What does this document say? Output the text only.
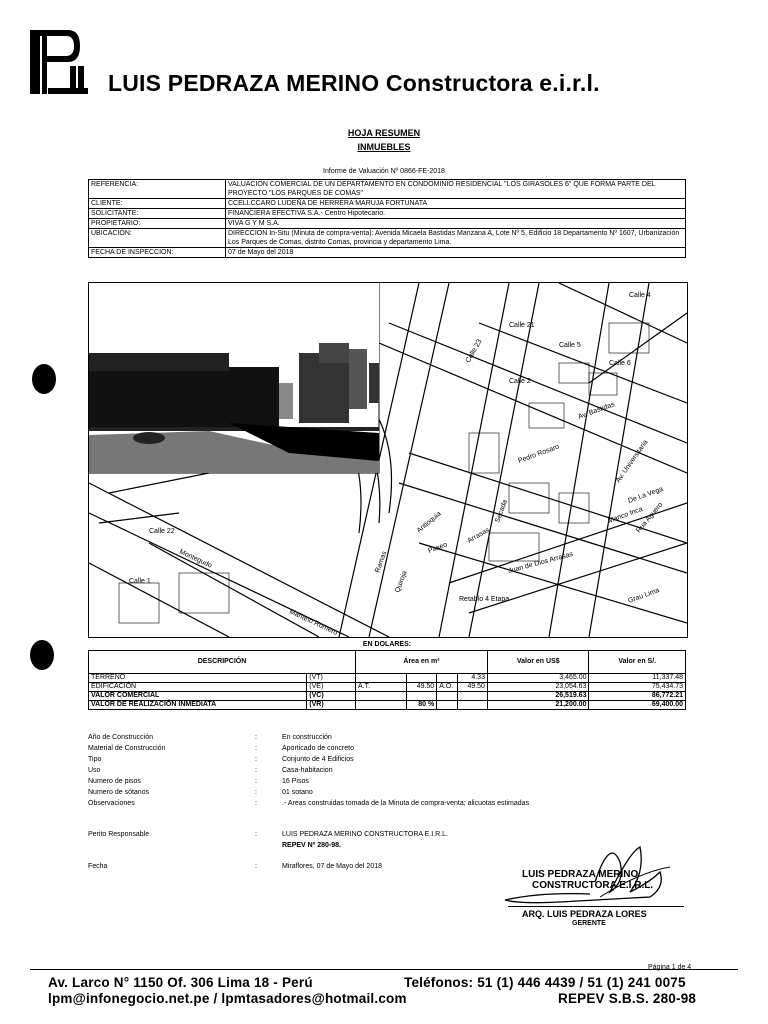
LUIS PEDRAZA MERINO Constructora e.i.r.l.
HOJA RESUMEN
INMUEBLES
Informe de Valuación Nº 0866-FE-2018
REFERENCIA:	VALUACION COMERCIAL DE UN DEPARTAMENTO EN CONDOMINIO RESIDENCIAL "LOS GIRASOLES 6" QUE FORMA PARTE DEL PROYECTO "LOS PARQUES DE COMAS"
CLIENTE:	CCELLCCARO LUDEÑA DE HERRERA MARUJA FORTUNATA
SOLICITANTE:	FINANCIERA EFECTIVA S.A.- Centro Hipotecario.
PROPIETARIO:	VIVA G Y M S.A.
UBICACIÓN:	DIRECCION In-Situ (Minuta de compra-venta): Avenida Micaela Bastidas Manzana A, Lote Nº 5, Edificio 18 Departamento Nº 1607, Urbanización Los Parques de Comas, distrito Comas, provincia y departamento Lima.
FECHA DE INSPECCION:	07 de Mayo del 2018
Calle 4
Calle 21
Calle 5
Calle 6
Calle 22
Calle 1
Calle 2
Av. Bastidas
Av. Universitaria
Pedro Rosaro
Manco Inca
Rua Aguero
De La Vega
Grau Lima
Juan de Dios Arrasas
Retablo 4 Etapa
Montegudo
Mariano Romero
Arrasas
Ramas
Antioquia
Calle 23
Quiroja
Secada
Paseo
EN DOLARES:
DESCRIPCIÓN		Área en m²				Valor en US$	Valor en S/.
TERRENO	(VT)				4.33	3,465.00	11,337.48
EDIFICACIÓN	(VE)	A.T.	49.50	A.O.	49.50	23,054.63	75,434.73
VALOR COMERCIAL	(VC)					26,519.63	86,772.21
VALOR DE REALIZACIÓN INMEDIATA	(VR)		80 %			21,200.00	69,400.00
Año de Construcción	:	En construcción
Material de Construcción	:	Aporticado de concreto
Tipo	:	Conjunto de 4 Edificios
Uso	:	Casa-habitacion
Numero de pisos	:	16 Pisos
Numero de sótanos	:	01 sotano
Observaciones	:	.- Areas construidas tomada de la Minuta de compra-venta; alicuotas estimadas
Perito Responsable	:	LUIS PEDRAZA MERINO CONSTRUCTORA E.I.R.L.
REPEV Nº 280-98.
Fecha	:	Miraflores, 07 de Mayo del 2018
LUIS PEDRAZA MERINO
CONSTRUCTORA E.I.R.L.
ARQ. LUIS PEDRAZA LORES
GERENTE
Página 1 de 4
Av. Larco N° 1150 Of. 306 Lima 18 - Perú	Teléfonos: 51 (1) 446 4439 / 51 (1) 241 0075
lpm@infonegocio.net.pe / lpmtasadores@hotmail.com	REPEV S.B.S. 280-98
